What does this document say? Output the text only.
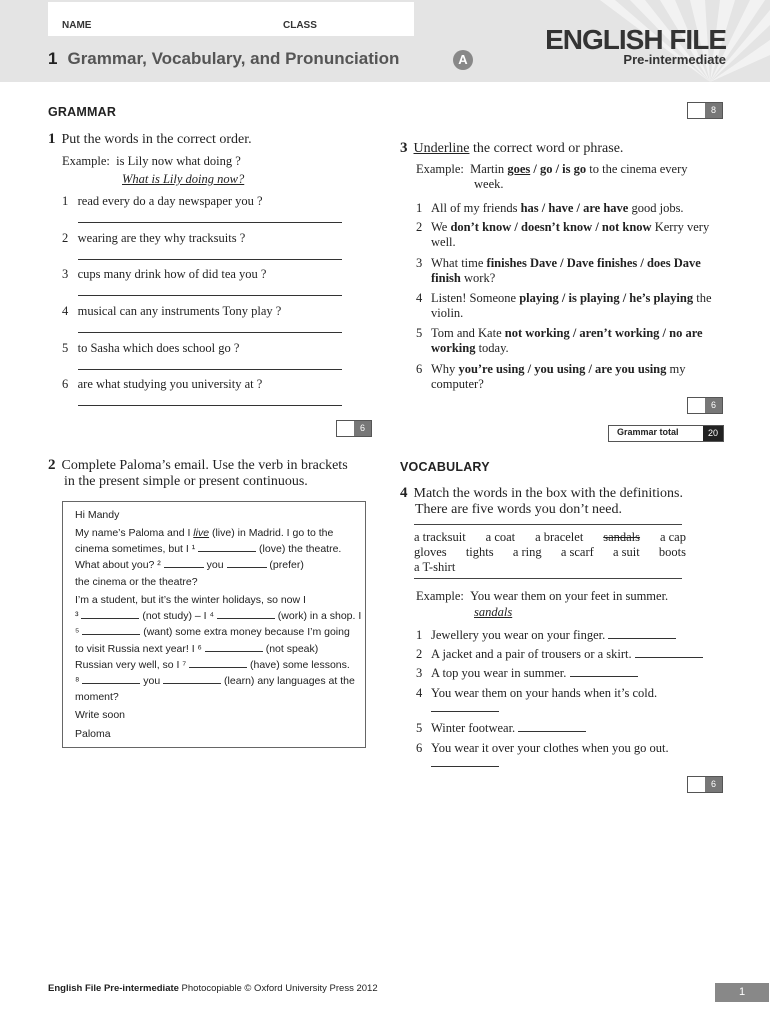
NAME	CLASS
1 Grammar, Vocabulary, and Pronunciation	A
ENGLISH FILE
Pre-intermediate
GRAMMAR	8
1 Put the words in the correct order.
Example: is Lily now what doing ?
What is Lily doing now?
1 read every do a day newspaper you ?
2 wearing are they why tracksuits ?
3 cups many drink how of did tea you ?
4 musical can any instruments Tony play ?
5 to Sasha which does school go ?
6 are what studying you university at ?
6
2 Complete Paloma’s email. Use the verb in brackets
in the present simple or present continuous.
Hi Mandy
My name’s Paloma and I live (live) in Madrid. I go to the
cinema sometimes, but I ¹	(love) the theatre.
What about you? ²	you	(prefer)
the cinema or the theatre?
I’m a student, but it’s the winter holidays, so now I
³	(not study) – I ⁴	(work) in a shop. I
⁵	(want) some extra money because I’m going
to visit Russia next year! I ⁶	(not speak)
Russian very well, so I ⁷	(have) some lessons.
⁸	you	(learn) any languages at the
moment?
Write soon
Paloma
3 Underline the correct word or phrase.
Example: Martin goes / go / is go to the cinema every
week.
1 All of my friends has / have / are have good jobs.
2 We don’t know / doesn’t know / not know Kerry very well.
3 What time finishes Dave / Dave finishes / does Dave finish work?
4 Listen! Someone playing / is playing / he’s playing the violin.
5 Tom and Kate not working / aren’t working / no are working today.
6 Why you’re using / you using / are you using my computer?
6
Grammar total	20
VOCABULARY
4 Match the words in the box with the definitions.
There are five words you don’t need.
a tracksuit a coat a bracelet sandals a cap
gloves tights a ring a scarf a suit boots
a T-shirt
Example: You wear them on your feet in summer.
sandals
1 Jewellery you wear on your finger.
2 A jacket and a pair of trousers or a skirt.
3 A top you wear in summer.
4 You wear them on your hands when it’s cold.

5 Winter footwear.
6 You wear it over your clothes when you go out.

6
English File Pre-intermediate Photocopiable © Oxford University Press 2012	1
